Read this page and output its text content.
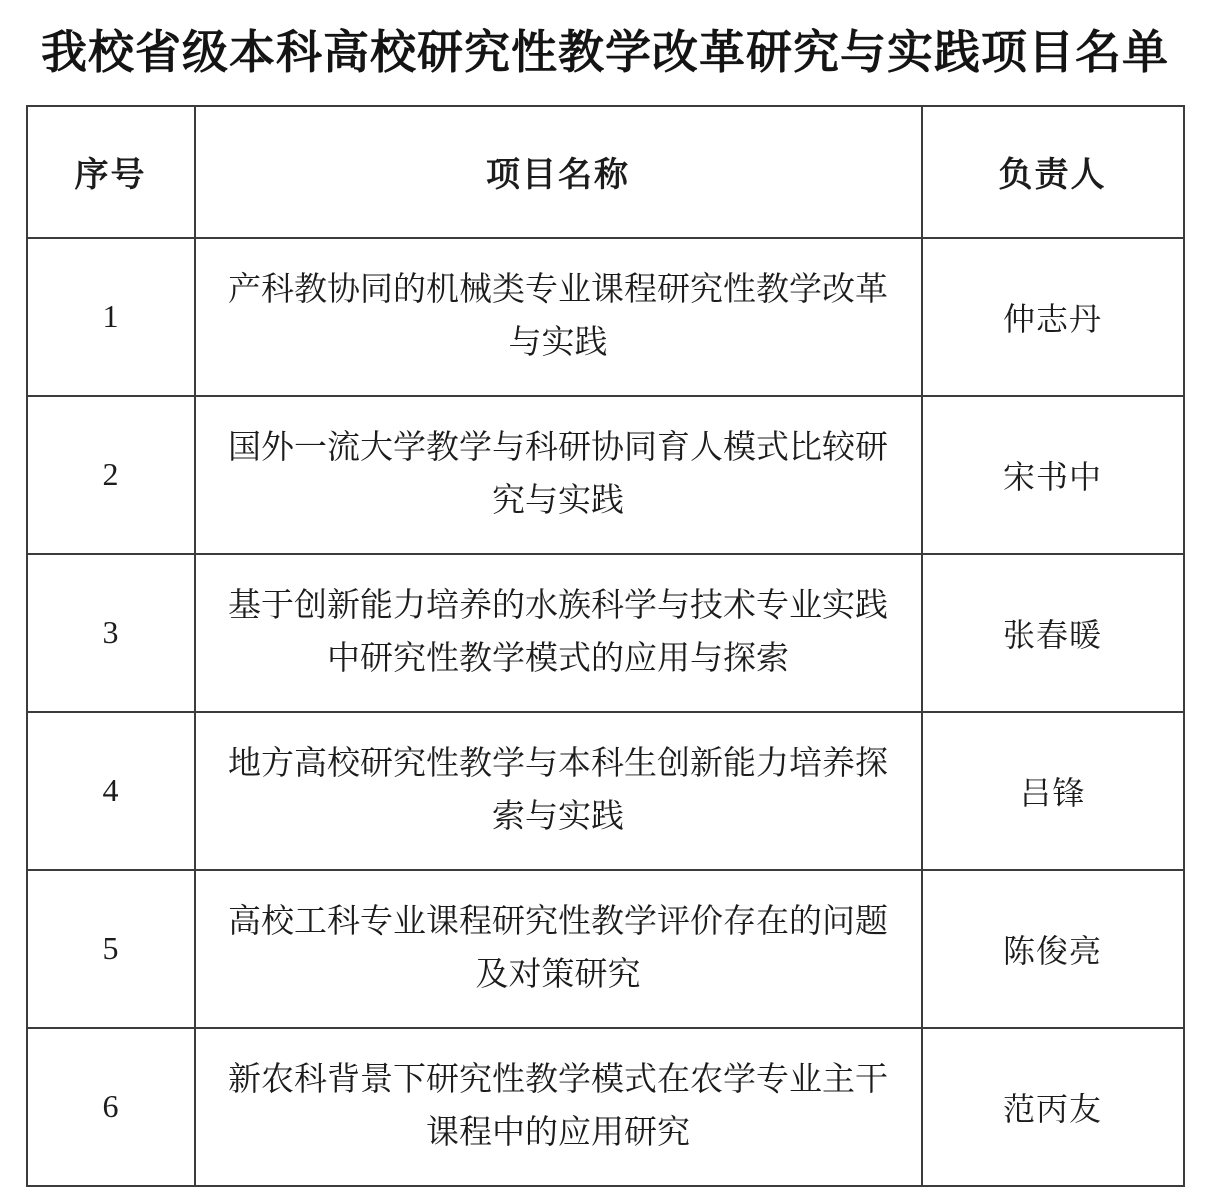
我校省级本科高校研究性教学改革研究与实践项目名单
序号	项目名称	负责人
1	产科教协同的机械类专业课程研究性教学改革与实践	仲志丹
2	国外一流大学教学与科研协同育人模式比较研究与实践	宋书中
3	基于创新能力培养的水族科学与技术专业实践中研究性教学模式的应用与探索	张春暖
4	地方高校研究性教学与本科生创新能力培养探索与实践	吕锋
5	高校工科专业课程研究性教学评价存在的问题及对策研究	陈俊亮
6	新农科背景下研究性教学模式在农学专业主干课程中的应用研究	范丙友
